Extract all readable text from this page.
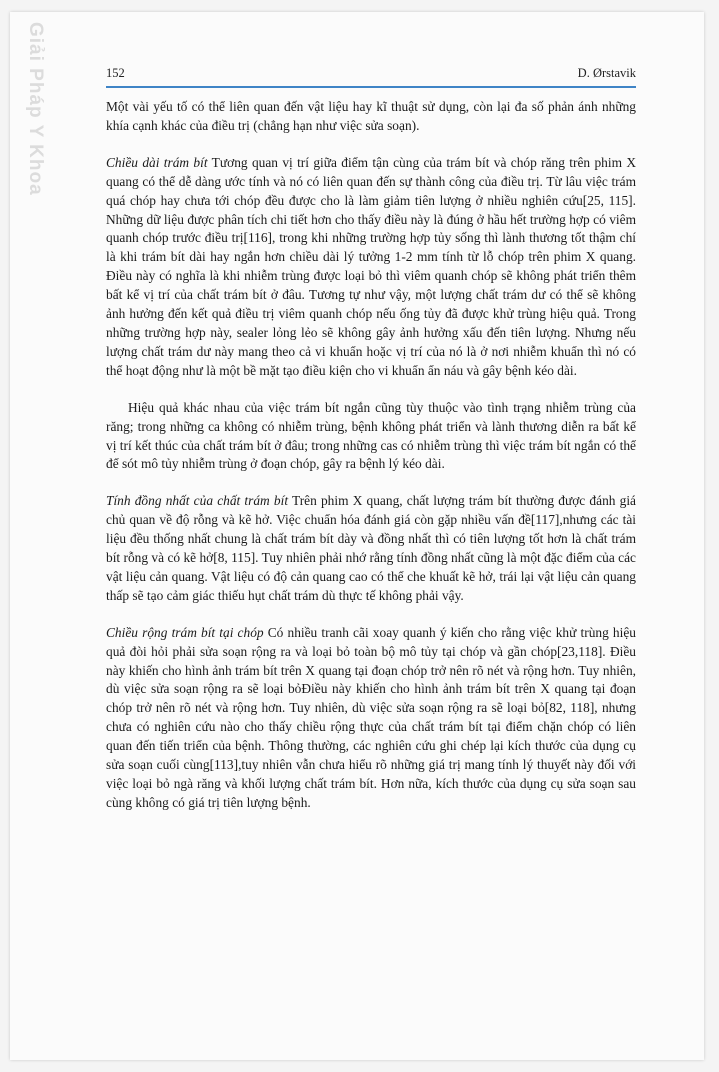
Giải Pháp Y Khoa	152	D. Ørstavik

Một vài yếu tố có thể liên quan đến vật liệu hay kĩ thuật sử dụng, còn lại đa số phản ánh những khía cạnh khác của điều trị (chẳng hạn như việc sửa soạn).

Chiều dài trám bít Tương quan vị trí giữa điểm tận cùng của trám bít và chóp răng trên phim X quang có thể dễ dàng ước tính và nó có liên quan đến sự thành công của điều trị. Từ lâu việc trám quá chóp hay chưa tới chóp đều được cho là làm giảm tiên lượng ở nhiều nghiên cứu[25, 115]. Những dữ liệu được phân tích chi tiết hơn cho thấy điều này là đúng ở hầu hết trường hợp có viêm quanh chóp trước điều trị[116], trong khi những trường hợp tủy sống thì lành thương tốt thậm chí là khi trám bít dài hay ngắn hơn chiều dài lý tưởng 1-2 mm tính từ lỗ chóp trên phim X quang. Điều này có nghĩa là khi nhiễm trùng được loại bỏ thì viêm quanh chóp sẽ không phát triển thêm bất kể vị trí của chất trám bít ở đâu. Tương tự như vậy, một lượng chất trám dư có thể sẽ không ảnh hưởng đến kết quả điều trị viêm quanh chóp nếu ống tủy đã được khử trùng hiệu quả. Trong những trường hợp này, sealer lỏng lẻo sẽ không gây ảnh hưởng xấu đến tiên lượng. Nhưng nếu lượng chất trám dư này mang theo cả vi khuẩn hoặc vị trí của nó là ở nơi nhiễm khuẩn thì nó có thể hoạt động như là một bề mặt tạo điều kiện cho vi khuẩn ẩn náu và gây bệnh kéo dài.

Hiệu quả khác nhau của việc trám bít ngắn cũng tùy thuộc vào tình trạng nhiễm trùng của răng; trong những ca không có nhiễm trùng, bệnh không phát triển và lành thương diễn ra bất kể vị trí kết thúc của chất trám bít ở đâu; trong những cas có nhiễm trùng thì việc trám bít ngắn có thể để sót mô tủy nhiễm trùng ở đoạn chóp, gây ra bệnh lý kéo dài.

Tính đồng nhất của chất trám bít Trên phim X quang, chất lượng trám bít thường được đánh giá chủ quan về độ rỗng và kẽ hở. Việc chuẩn hóa đánh giá còn gặp nhiều vấn đề[117],nhưng các tài liệu đều thống nhất chung là chất trám bít dày và đồng nhất thì có tiên lượng tốt hơn là chất trám bít rỗng và có kẽ hở[8, 115]. Tuy nhiên phải nhớ rằng tính đồng nhất cũng là một đặc điểm của các vật liệu cản quang. Vật liệu có độ cản quang cao có thể che khuất kẽ hở, trái lại vật liệu cản quang thấp sẽ tạo cảm giác thiếu hụt chất trám dù thực tế không phải vậy.

Chiều rộng trám bít tại chóp Có nhiều tranh cãi xoay quanh ý kiến cho rằng việc khử trùng hiệu quả đòi hỏi phải sửa soạn rộng ra và loại bỏ toàn bộ mô tủy tại chóp và gần chóp[23,118]. Điều này khiến cho hình ảnh trám bít trên X quang tại đoạn chóp trở nên rõ nét và rộng hơn. Tuy nhiên, dù việc sửa soạn rộng ra sẽ loại bỏĐiều này khiến cho hình ảnh trám bít trên X quang tại đoạn chóp trở nên rõ nét và rộng hơn. Tuy nhiên, dù việc sửa soạn rộng ra sẽ loại bỏ[82, 118], nhưng chưa có nghiên cứu nào cho thấy chiều rộng thực của chất trám bít tại điểm chặn chóp có liên quan đến tiến triển của bệnh. Thông thường, các nghiên cứu ghi chép lại kích thước của dụng cụ sửa soạn cuối cùng[113],tuy nhiên vẫn chưa hiểu rõ những giá trị mang tính lý thuyết này đối với việc loại bỏ ngà răng và khối lượng chất trám bít. Hơn nữa, kích thước của dụng cụ sửa soạn sau cùng không có giá trị tiên lượng bệnh.
